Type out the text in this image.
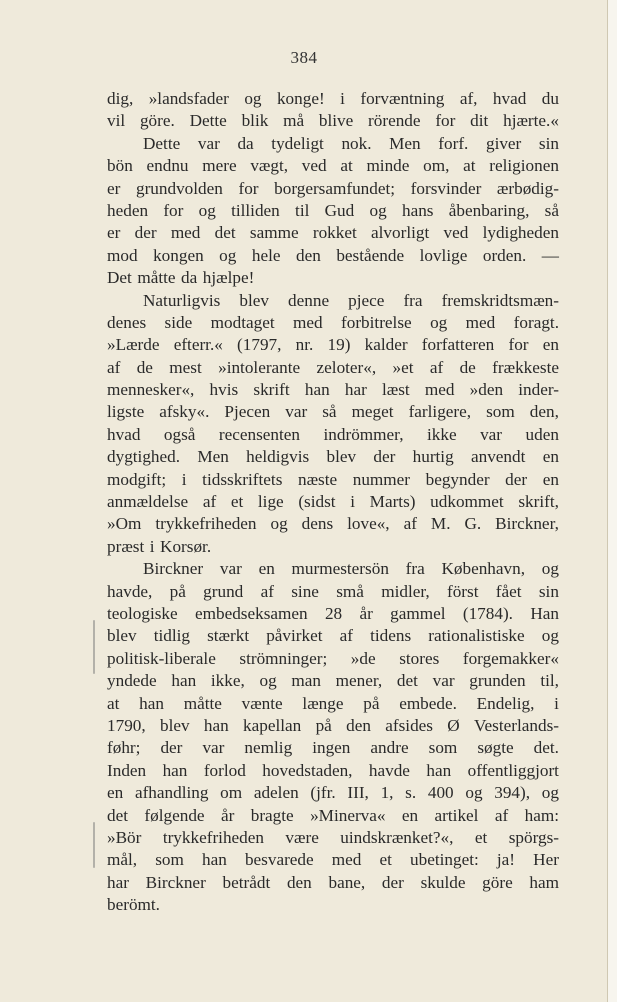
384
dig, »landsfader og konge! i forvæntning af, hvad du
vil göre. Dette blik må blive rörende for dit hjærte.«
Dette var da tydeligt nok. Men forf. giver sin
bön endnu mere vægt, ved at minde om, at religionen
er grundvolden for borgersamfundet; forsvinder ærbødig-
heden for og tilliden til Gud og hans åbenbaring, så
er der med det samme rokket alvorligt ved lydigheden
mod kongen og hele den bestående lovlige orden. —
Det måtte da hjælpe!
Naturligvis blev denne pjece fra fremskridtsmæn-
denes side modtaget med forbitrelse og med foragt.
»Lærde efterr.« (1797, nr. 19) kalder forfatteren for en
af de mest »intolerante zeloter«, »et af de frækkeste
mennesker«, hvis skrift han har læst med »den inder-
ligste afsky«. Pjecen var så meget farligere, som den,
hvad også recensenten indrömmer, ikke var uden
dygtighed. Men heldigvis blev der hurtig anvendt en
modgift; i tidsskriftets næste nummer begynder der en
anmældelse af et lige (sidst i Marts) udkommet skrift,
»Om trykkefriheden og dens love«, af M. G. Birckner,
præst i Korsør.
Birckner var en murmestersön fra København, og
havde, på grund af sine små midler, först fået sin
teologiske embedseksamen 28 år gammel (1784). Han
blev tidlig stærkt påvirket af tidens rationalistiske og
politisk-liberale strömninger; »de stores forgemakker«
yndede han ikke, og man mener, det var grunden til,
at han måtte vænte længe på embede. Endelig, i
1790, blev han kapellan på den afsides Ø Vesterlands-
føhr; der var nemlig ingen andre som søgte det.
Inden han forlod hovedstaden, havde han offentliggjort
en afhandling om adelen (jfr. III, 1, s. 400 og 394), og
det følgende år bragte »Minerva« en artikel af ham:
»Bör trykkefriheden være uindskrænket?«, et spörgs-
mål, som han besvarede med et ubetinget: ja! Her
har Birckner betrådt den bane, der skulde göre ham
berömt.
